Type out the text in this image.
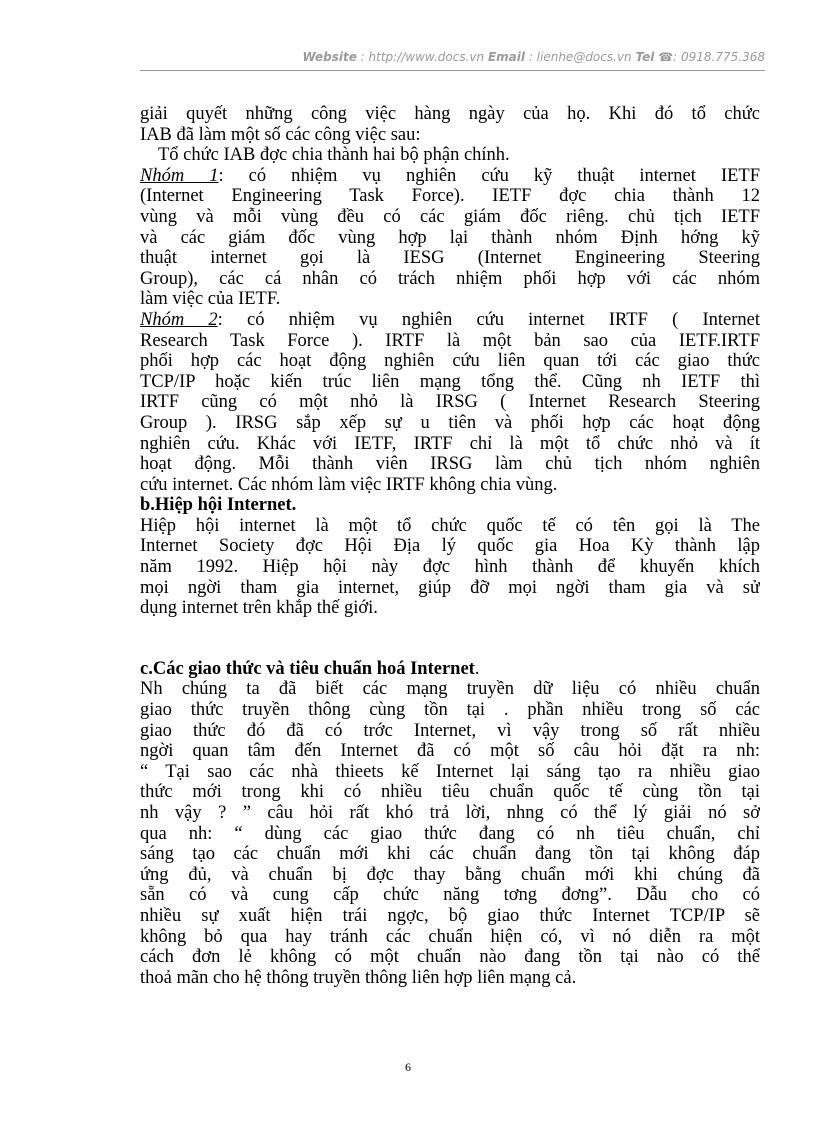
Website : http://www.docs.vn Email : lienhe@docs.vn Tel ☎: 0918.775.368

giải quyết những công việc hàng ngày của họ. Khi đó tổ chức
IAB đã làm một số các công việc sau:

Tổ chức IAB đợc chia thành hai bộ phận chính.

Nhóm 1: có nhiệm vụ nghiên cứu kỹ thuật internet IETF
(Internet Engineering Task Force). IETF đợc chia thành 12
vùng và mỗi vùng đều có các giám đốc riêng. chủ tịch IETF
và các giám đốc vùng hợp lại thành nhóm Định hớng kỹ
thuật internet gọi là IESG (Internet Engineering Steering
Group), các cá nhân có trách nhiệm phối hợp với các nhóm
làm việc của IETF.

Nhóm 2: có nhiệm vụ nghiên cứu internet IRTF ( Internet
Research Task Force ). IRTF là một bản sao của IETF.IRTF
phối hợp các hoạt động nghiên cứu liên quan tới các giao thức
TCP/IP hoặc kiến trúc liên mạng tổng thể. Cũng nh IETF thì
IRTF cũng có một nhỏ là IRSG ( Internet Research Steering
Group ). IRSG sắp xếp sự u tiên và phối hợp các hoạt động
nghiên cứu. Khác với IETF, IRTF chỉ là một tổ chức nhỏ và ít
hoạt động. Mỗi thành viên IRSG làm chủ tịch nhóm nghiên
cứu internet. Các nhóm làm việc IRTF không chia vùng.

b.Hiệp hội Internet.

Hiệp hội internet là một tổ chức quốc tế có tên gọi là The
Internet Society đợc Hội Địa lý quốc gia Hoa Kỳ thành lập
năm 1992. Hiệp hội này đợc hình thành để khuyến khích
mọi ngời tham gia internet, giúp đỡ mọi ngời tham gia và sử
dụng internet trên khắp thế giới.

c.Các giao thức và tiêu chuẩn hoá Internet.

Nh chúng ta đã biết các mạng truyền dữ liệu có nhiều chuẩn
giao thức truyền thông cùng tồn tại . phần nhiều trong số các
giao thức đó đã có trớc Internet, vì vậy trong số rất nhiều
ngời quan tâm đến Internet đã có một số câu hỏi đặt ra nh:
“ Tại sao các nhà thieets kế Internet lại sáng tạo ra nhiều giao
thức mới trong khi có nhiều tiêu chuẩn quốc tế cùng tồn tại
nh vậy ? ” câu hỏi rất khó trả lời, nhng có thể lý giải nó sở
qua nh: “ dùng các giao thức đang có nh tiêu chuẩn, chỉ
sáng tạo các chuẩn mới khi các chuẩn đang tồn tại không đáp
ứng đủ, và chuẩn bị đợc thay bằng chuẩn mới khi chúng đã
sẵn có và cung cấp chức năng tơng đơng”. Dẫu cho có
nhiều sự xuất hiện trái ngợc, bộ giao thức Internet TCP/IP sẽ
không bỏ qua hay tránh các chuẩn hiện có, vì nó diễn ra một
cách đơn lẻ không có một chuẩn nào đang tồn tại nào có thể
thoả mãn cho hệ thông truyền thông liên hợp liên mạng cả.

6
